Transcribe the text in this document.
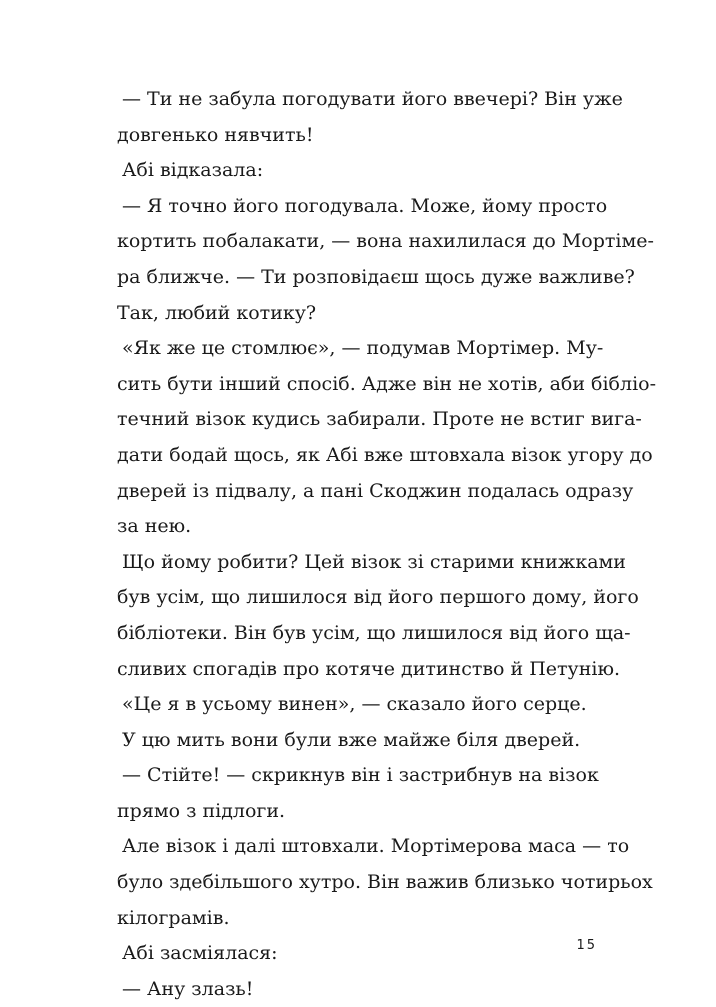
— Ти не забула погодувати його ввечері? Він уже
довгенько нявчить!
Абі відказала:
— Я точно його погодувала. Може, йому просто
кортить побалакати, — вона нахилилася до Мортіме-
ра ближче. — Ти розповідаєш щось дуже важливе?
Так, любий котику?
«Як же це стомлює», — подумав Мортімер. Му-
сить бути інший спосіб. Адже він не хотів, аби бібліо-
течний візок кудись забирали. Проте не встиг вига-
дати бодай щось, як Абі вже штовхала візок угору до
дверей із підвалу, а пані Скоджин подалась одразу
за нею.
Що йому робити? Цей візок зі старими книжками
був усім, що лишилося від його першого дому, його
бібліотеки. Він був усім, що лишилося від його ща-
сливих спогадів про котяче дитинство й Петунію.
«Це я в усьому винен», — сказало його серце.
У цю мить вони були вже майже біля дверей.
— Стійте! — скрикнув він і застрибнув на візок
прямо з підлоги.
Але візок і далі штовхали. Мортімерова маса — то
було здебільшого хутро. Він важив близько чотирьох
кілограмів.
Абі засміялася:
— Ану злазь!
15
